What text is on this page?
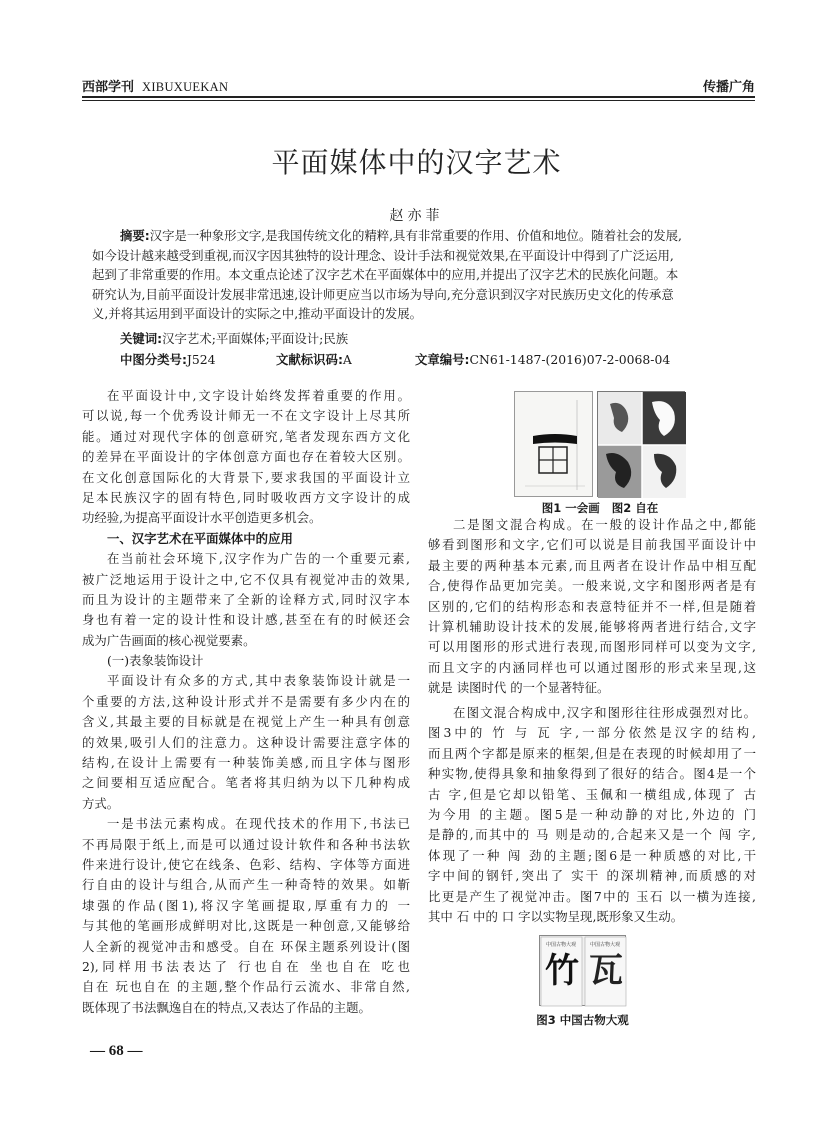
西部学刊 XIBUXUEKAN	传播广角
平面媒体中的汉字艺术
赵亦菲
摘要:汉字是一种象形文字,是我国传统文化的精粹,具有非常重要的作用、价值和地位。随着社会的发展,
如今设计越来越受到重视,而汉字因其独特的设计理念、设计手法和视觉效果,在平面设计中得到了广泛运用,
起到了非常重要的作用。本文重点论述了汉字艺术在平面媒体中的应用,并提出了汉字艺术的民族化问题。本
研究认为,目前平面设计发展非常迅速,设计师更应当以市场为导向,充分意识到汉字对民族历史文化的传承意
义,并将其运用到平面设计的实际之中,推动平面设计的发展。
关键词:汉字艺术;平面媒体;平面设计;民族
中图分类号:J524	文献标识码:A	文章编号:CN61-1487-(2016)07-2-0068-04
在平面设计中,文字设计始终发挥着重要的作用。
可以说,每一个优秀设计师无一不在文字设计上尽其所
能。通过对现代字体的创意研究,笔者发现东西方文化
的差异在平面设计的字体创意方面也存在着较大区别。
在文化创意国际化的大背景下,要求我国的平面设计立
足本民族汉字的固有特色,同时吸收西方文字设计的成
功经验,为提高平面设计水平创造更多机会。
一、汉字艺术在平面媒体中的应用
在当前社会环境下,汉字作为广告的一个重要元素,
被广泛地运用于设计之中,它不仅具有视觉冲击的效果,
而且为设计的主题带来了全新的诠释方式,同时汉字本
身也有着一定的设计性和设计感,甚至在有的时候还会
成为广告画面的核心视觉要素。
(一)表象装饰设计
平面设计有众多的方式,其中表象装饰设计就是一
个重要的方法,这种设计形式并不是需要有多少内在的
含义,其最主要的目标就是在视觉上产生一种具有创意
的效果,吸引人们的注意力。这种设计需要注意字体的
结构,在设计上需要有一种装饰美感,而且字体与图形
之间要相互适应配合。笔者将其归纳为以下几种构成
方式。
一是书法元素构成。在现代技术的作用下,书法已
不再局限于纸上,而是可以通过设计软件和各种书法软
件来进行设计,使它在线条、色彩、结构、字体等方面进
行自由的设计与组合,从而产生一种奇特的效果。如靳
埭强的作品(图1),将汉字笔画提取,厚重有力的 一
与其他的笔画形成鲜明对比,这既是一种创意,又能够给
人全新的视觉冲击和感受。自在 环保主题系列设计(图
2),同样用书法表达了 行也自在 坐也自在 吃也
自在 玩也自在 的主题,整个作品行云流水、非常自然,
既体现了书法飘逸自在的特点,又表达了作品的主题。
图1 一会画 图2 自在
二是图文混合构成。在一般的设计作品之中,都能
够看到图形和文字,它们可以说是目前我国平面设计中
最主要的两种基本元素,而且两者在设计作品中相互配
合,使得作品更加完美。一般来说,文字和图形两者是有
区别的,它们的结构形态和表意特征并不一样,但是随着
计算机辅助设计技术的发展,能够将两者进行结合,文字
可以用图形的形式进行表现,而图形同样可以变为文字,
而且文字的内涵同样也可以通过图形的形式来呈现,这
就是 读图时代 的一个显著特征。
在图文混合构成中,汉字和图形往往形成强烈对比。
图3中的 竹 与 瓦 字,一部分依然是汉字的结构,
而且两个字都是原来的框架,但是在表现的时候却用了一
种实物,使得具象和抽象得到了很好的结合。图4是一个
古 字,但是它却以铅笔、玉佩和一横组成,体现了 古
为今用 的主题。图5是一种动静的对比,外边的 门
是静的,而其中的 马 则是动的,合起来又是一个 闯 字,
体现了一种 闯 劲的主题;图6是一种质感的对比,干
字中间的钢钎,突出了 实干 的深圳精神,而质感的对
比更是产生了视觉冲击。图7中的 玉石 以一横为连接,
其中 石 中的 口 字以实物呈现,既形象又生动。
竹 瓦
中国古物大观	中国古物大观
图3 中国古物大观
— 68 —
